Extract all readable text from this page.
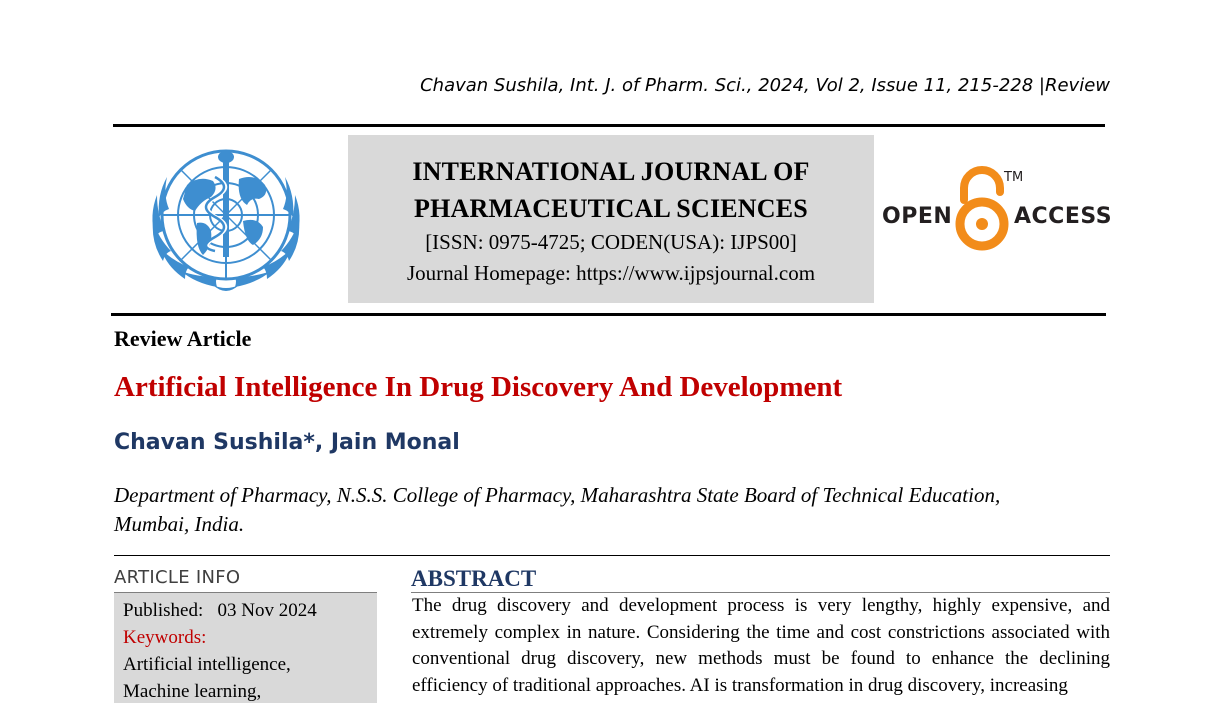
Chavan Sushila, Int. J. of Pharm. Sci., 2024, Vol 2, Issue 11, 215-228 |Review
INTERNATIONAL JOURNAL OF
PHARMACEUTICAL SCIENCES
[ISSN: 0975-4725; CODEN(USA): IJPS00]
Journal Homepage: https://www.ijpsjournal.com
OPEN
TM
ACCESS
Review Article
Artificial Intelligence In Drug Discovery And Development
Chavan Sushila*, Jain Monal
Department of Pharmacy, N.S.S. College of Pharmacy, Maharashtra State Board of Technical Education,
Mumbai, India.
ARTICLE INFO
Published: 03 Nov 2024
Keywords:
Artificial intelligence,
Machine learning,
ABSTRACT
The drug discovery and development process is very lengthy, highly expensive, and extremely complex in nature. Considering the time and cost constrictions associated with conventional drug discovery, new methods must be found to enhance the declining efficiency of traditional approaches. AI is transformation in drug discovery, increasing
